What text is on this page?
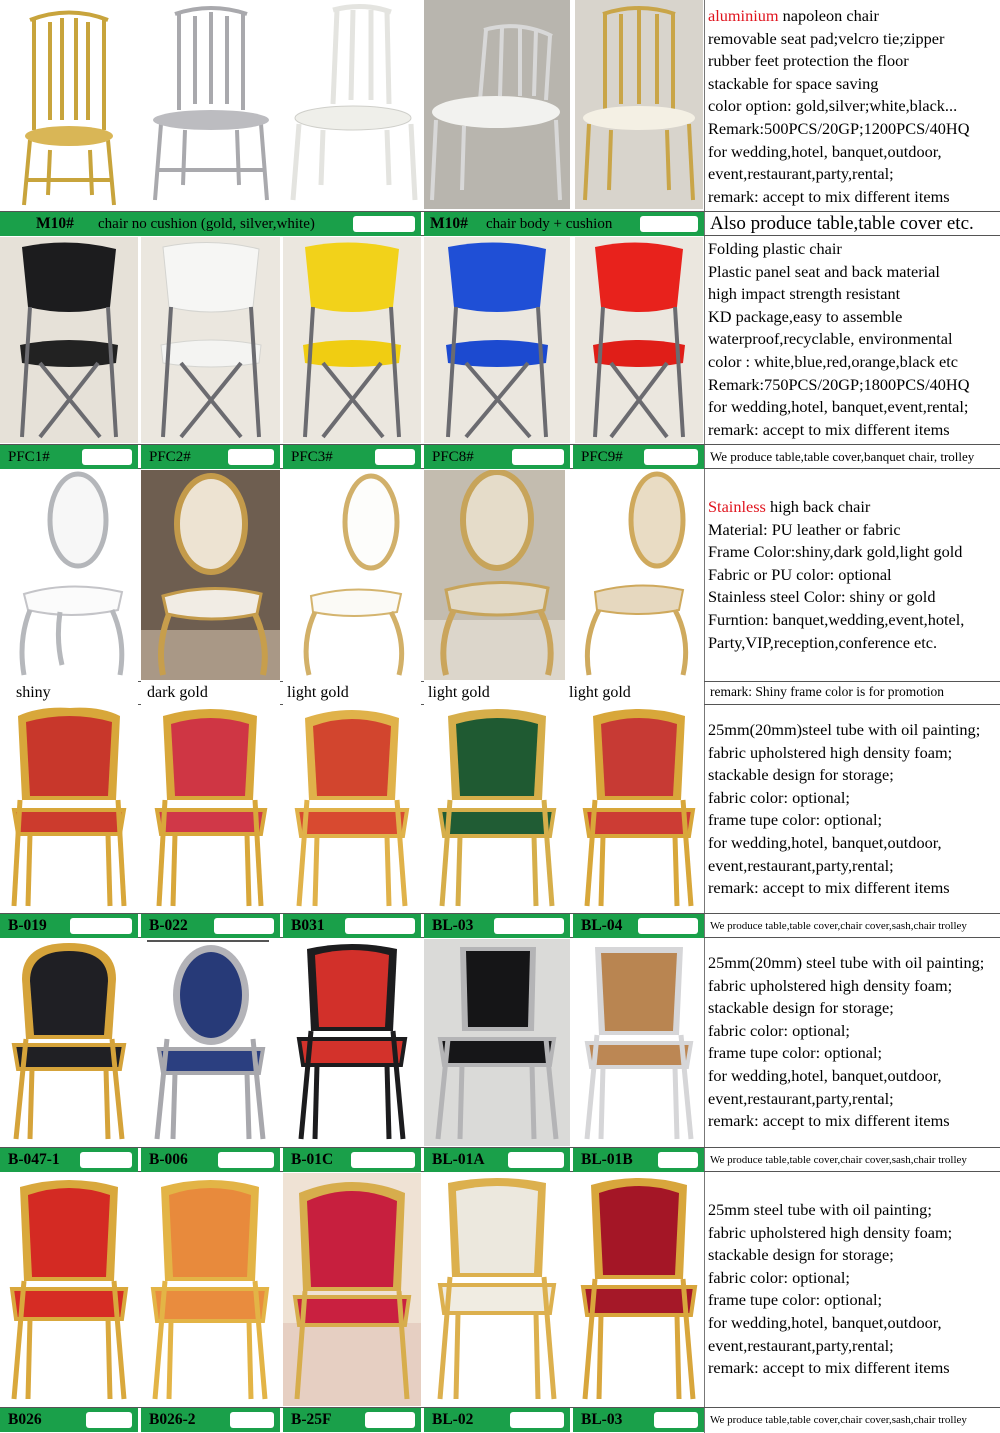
aluminium napoleon chair
removable seat pad;velcro tie;zipper
rubber feet protection the floor
stackable for space saving
color option: gold,silver;white,black...
Remark:500PCS/20GP;1200PCS/40HQ
for wedding,hotel, banquet,outdoor,
event,restaurant,party,rental;
remark: accept to mix different items
M10# chair no cushion (gold, silver,white)	M10# chair body + cushion	Also produce table,table cover etc.
Folding plastic chair
Plastic panel seat and back material
high impact strength resistant
KD package,easy to assemble
waterproof,recyclable, environmental
color : white,blue,red,orange,black etc
Remark:750PCS/20GP;1800PCS/40HQ
for wedding,hotel, banquet,event,rental;
remark: accept to mix different items
PFC1#	PFC2#	PFC3#	PFC8#	PFC9#	We produce table,table cover,banquet chair, trolley
Stainless high back chair
Material: PU leather or fabric
Frame Color:shiny,dark gold,light gold
Fabric or PU color: optional
Stainless steel Color: shiny or gold
Furntion: banquet,wedding,event,hotel,
Party,VIP,reception,conference etc.
shiny	dark gold	light gold	light gold	light gold	remark: Shiny frame color is for promotion
25mm(20mm)steel tube with oil painting;
fabric upholstered high density foam;
stackable design for storage;
fabric color: optional;
frame tupe color: optional;
for wedding,hotel, banquet,outdoor,
event,restaurant,party,rental;
remark: accept to mix different items
B-019	B-022	B031	BL-03	BL-04	We produce table,table cover,chair cover,sash,chair trolley
25mm(20mm) steel tube with oil painting;
fabric upholstered high density foam;
stackable design for storage;
fabric color: optional;
frame tupe color: optional;
for wedding,hotel, banquet,outdoor,
event,restaurant,party,rental;
remark: accept to mix different items
B-047-1	B-006	B-01C	BL-01A	BL-01B	We produce table,table cover,chair cover,sash,chair trolley
25mm steel tube with oil painting;
fabric upholstered high density foam;
stackable design for storage;
fabric color: optional;
frame tupe color: optional;
for wedding,hotel, banquet,outdoor,
event,restaurant,party,rental;
remark: accept to mix different items
B026	B026-2	B-25F	BL-02	BL-03	We produce table,table cover,chair cover,sash,chair trolley
